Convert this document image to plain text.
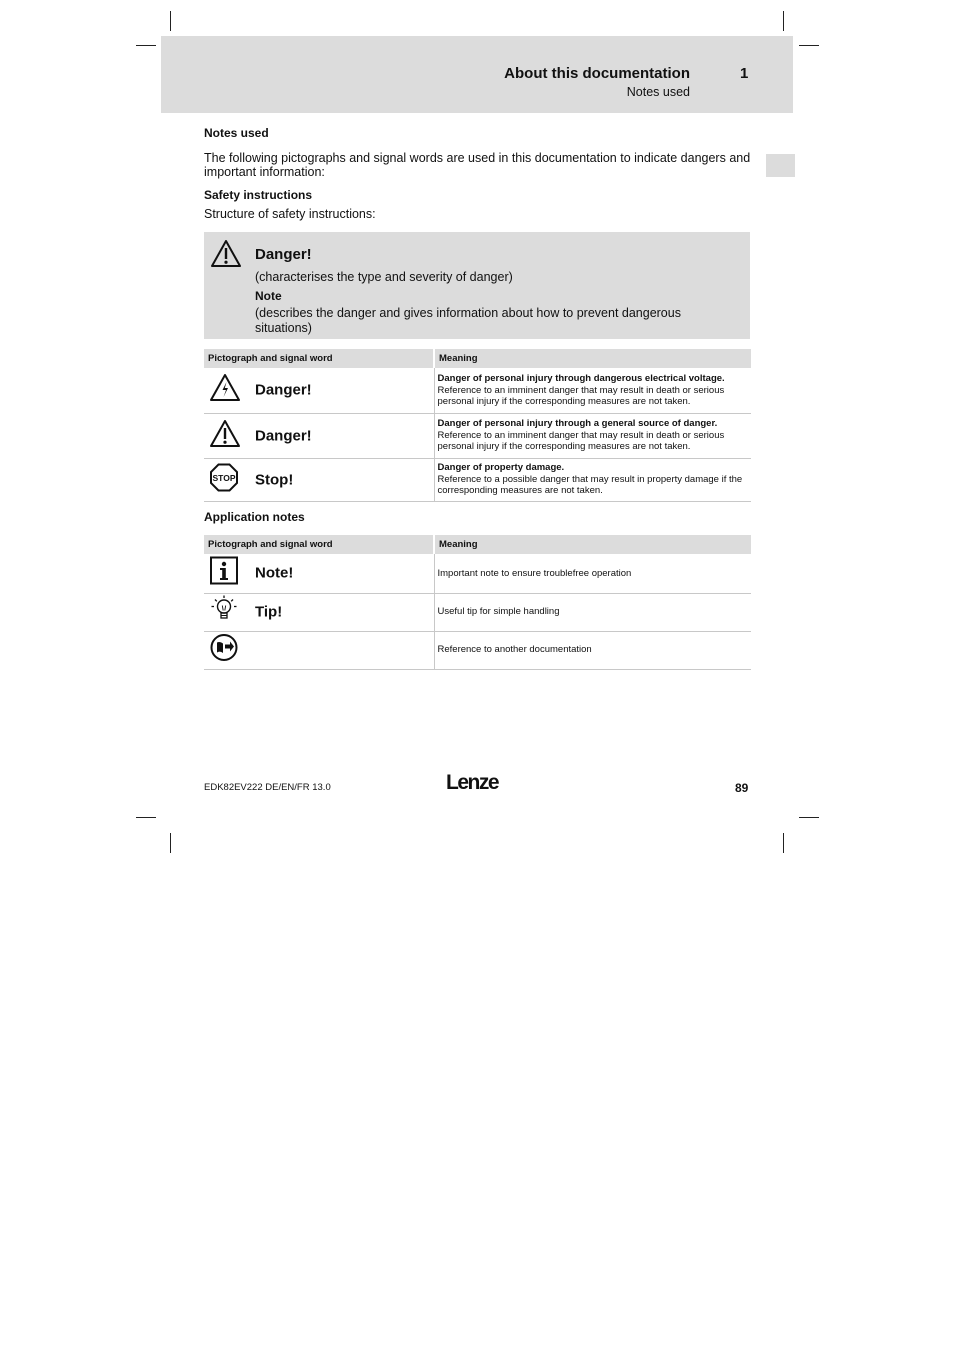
About this documentation
Notes used
1
Notes used
The following pictographs and signal words are used in this documentation to indicate dangers and important information:
Safety instructions
Structure of safety instructions:
Danger!
(characterises the type and severity of danger)
Note
(describes the danger and gives information about how to prevent dangerous situations)
Pictograph and signal word	Meaning

Danger!	Danger of personal injury through dangerous electrical voltage.
Reference to an imminent danger that may result in death or serious personal injury if the corresponding measures are not taken.

Danger!	Danger of personal injury through a general source of danger.
Reference to an imminent danger that may result in death or serious personal injury if the corresponding measures are not taken.

STOP Stop!	Danger of property damage.
Reference to a possible danger that may result in property damage if the corresponding measures are not taken.
Application notes
Pictograph and signal word	Meaning

Note!	Important note to ensure troublefree operation

Tip!	Useful tip for simple handling

	Reference to another documentation
EDK82EV222 DE/EN/FR 13.0	Lenze	89
